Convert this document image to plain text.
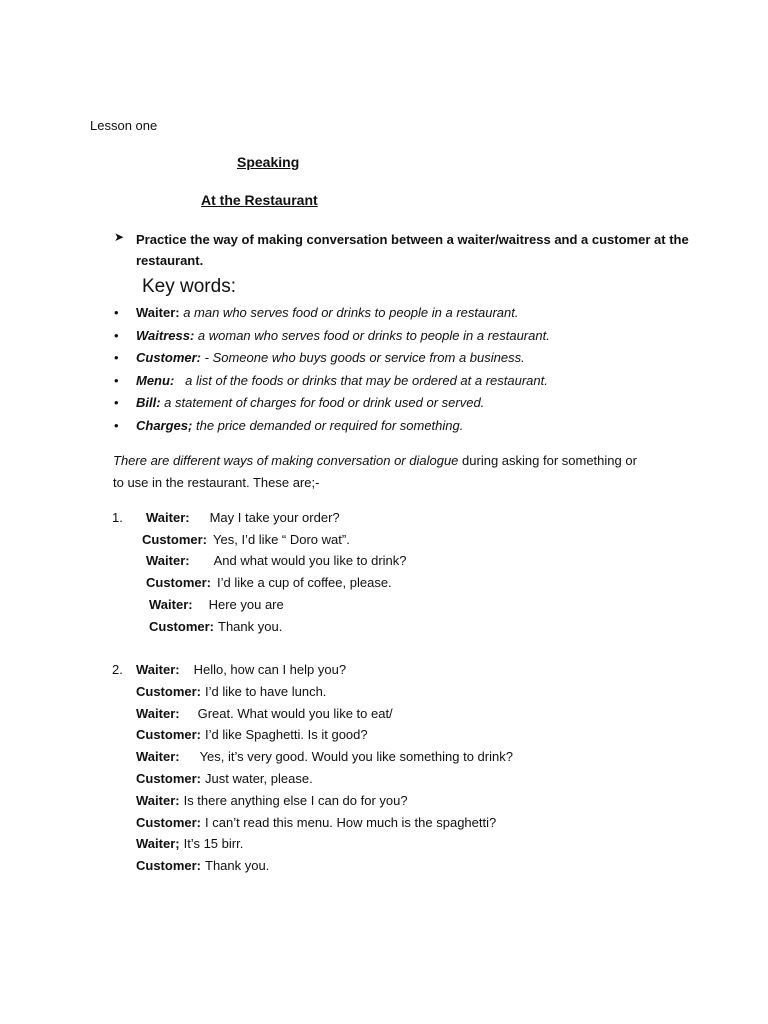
Lesson one
Speaking
At the Restaurant
➤ Practice the way of making conversation between a waiter/waitress and a customer at the restaurant.
Key words:
• Waiter: a man who serves food or drinks to people in a restaurant.
• Waitress: a woman who serves food or drinks to people in a restaurant.
• Customer: - Someone who buys goods or service from a business.
• Menu:   a list of the foods or drinks that may be ordered at a restaurant.
• Bill: a statement of charges for food or drink used or served.
• Charges; the price demanded or required for something.
There are different ways of making conversation or dialogue during asking for something or
to use in the restaurant. These are;-
1. Waiter: May I take your order?
Customer: Yes, I’d like “ Doro wat”.
Waiter: And what would you like to drink?
Customer: I’d like a cup of coffee, please.
Waiter: Here you are
Customer: Thank you.
2. Waiter: Hello, how can I help you?
Customer: I’d like to have lunch.
Waiter: Great. What would you like to eat/
Customer: I’d like Spaghetti. Is it good?
Waiter: Yes, it’s very good. Would you like something to drink?
Customer: Just water, please.
Waiter: Is there anything else I can do for you?
Customer: I can’t read this menu. How much is the spaghetti?
Waiter; It’s 15 birr.
Customer: Thank you.
